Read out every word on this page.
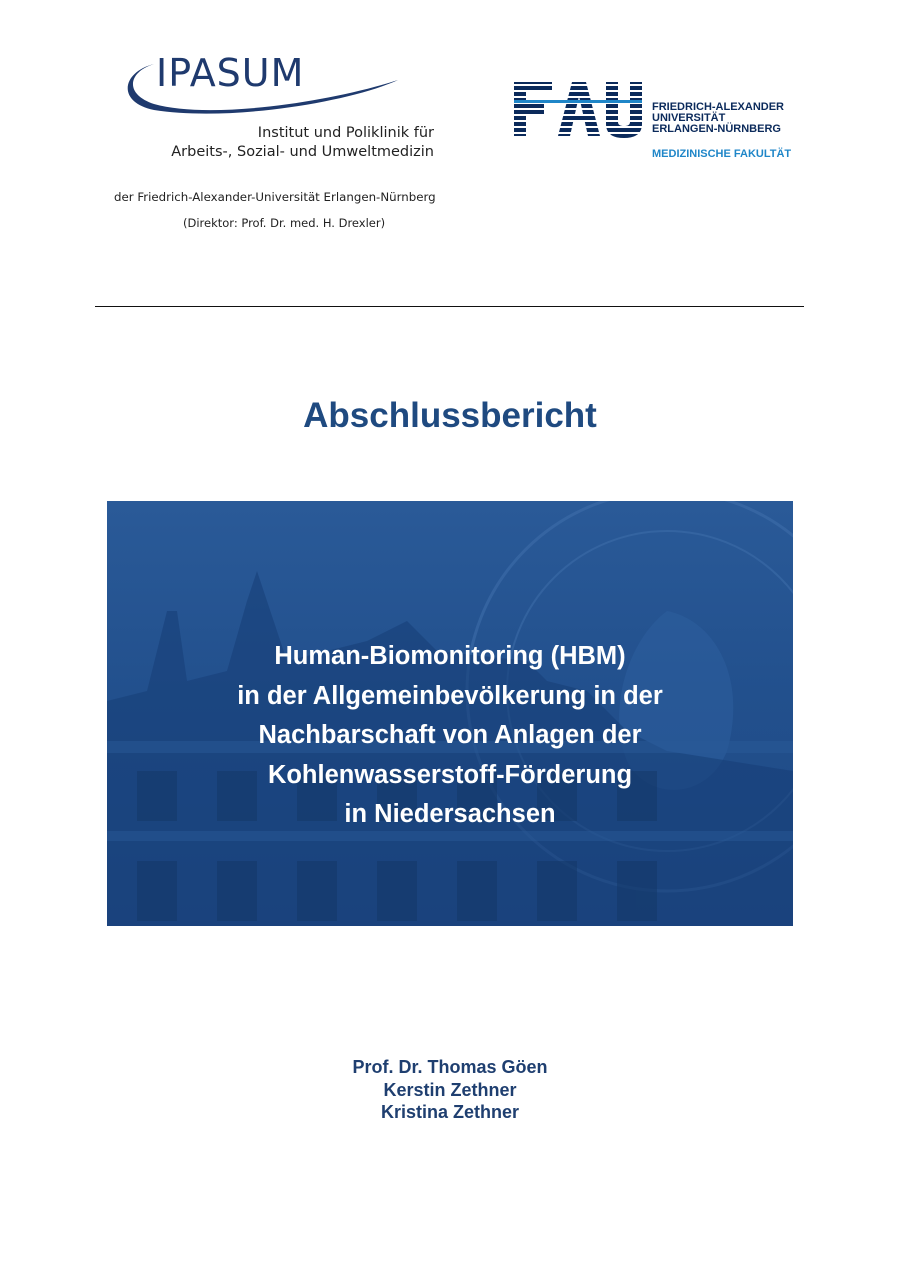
IPASUM
Institut und Poliklinik für
Arbeits-, Sozial- und Umweltmedizin
der Friedrich-Alexander-Universität Erlangen-Nürnberg
(Direktor: Prof. Dr. med. H. Drexler)
FRIEDRICH-ALEXANDER
UNIVERSITÄT
ERLANGEN-NÜRNBERG
MEDIZINISCHE FAKULTÄT
Abschlussbericht
Human-Biomonitoring (HBM)
in der Allgemeinbevölkerung in der
Nachbarschaft von Anlagen der
Kohlenwasserstoff-Förderung
in Niedersachsen
Prof. Dr. Thomas Göen
Kerstin Zethner
Kristina Zethner
